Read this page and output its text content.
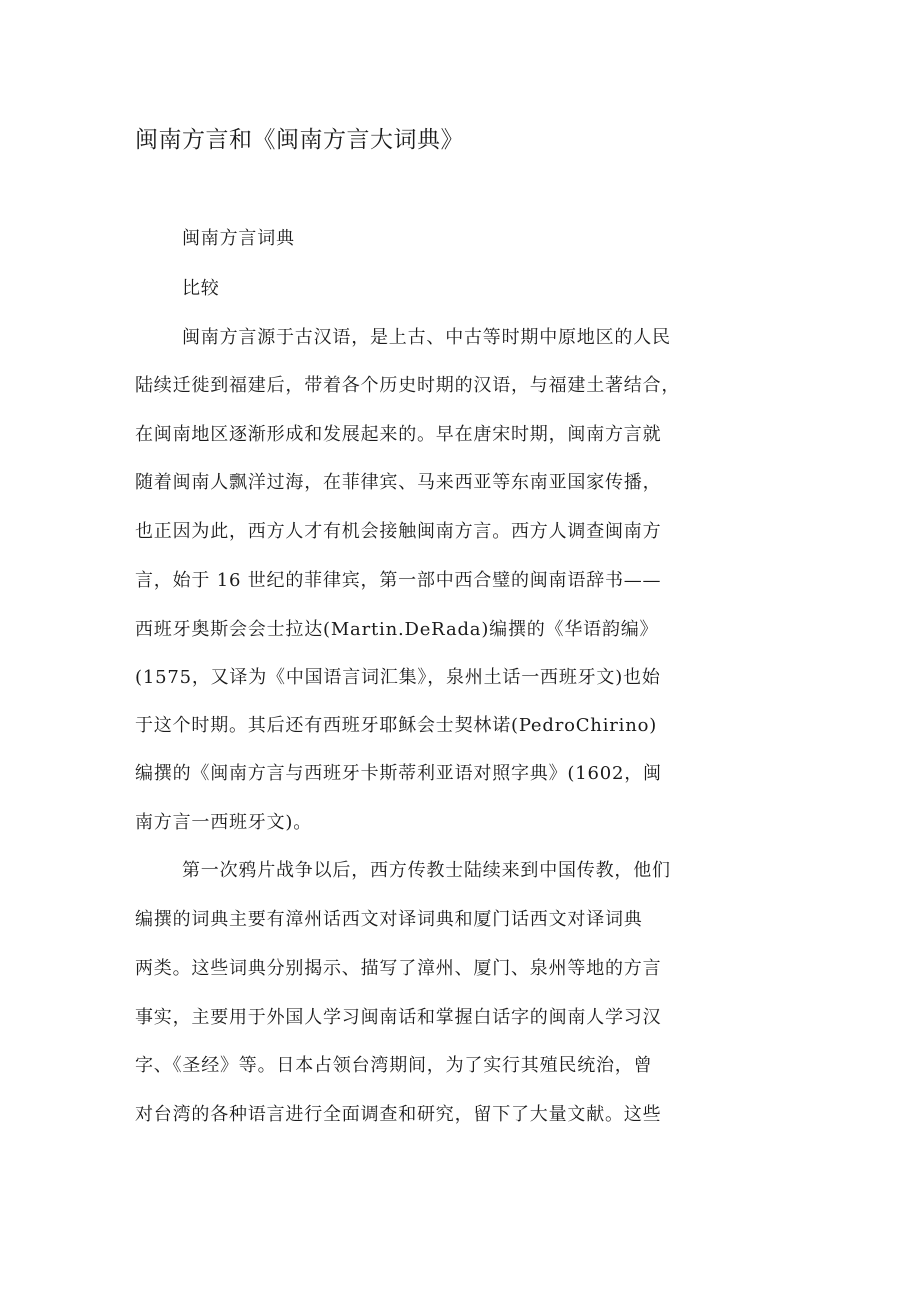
闽南方言和《闽南方言大词典》
闽南方言词典
比较
闽南方言源于古汉语，是上古、中古等时期中原地区的人民
陆续迁徙到福建后，带着各个历史时期的汉语，与福建土著结合，
在闽南地区逐渐形成和发展起来的。早在唐宋时期，闽南方言就
随着闽南人飘洋过海，在菲律宾、马来西亚等东南亚国家传播，
也正因为此，西方人才有机会接触闽南方言。西方人调查闽南方
言，始于 16 世纪的菲律宾，第一部中西合璧的闽南语辞书——
西班牙奥斯会会士拉达(Martin.DeRada)编撰的《华语韵编》
(1575，又译为《中国语言词汇集》，泉州土话一西班牙文)也始
于这个时期。其后还有西班牙耶稣会士契林诺(PedroChirino)
编撰的《闽南方言与西班牙卡斯蒂利亚语对照字典》(1602，闽
南方言一西班牙文)。
第一次鸦片战争以后，西方传教士陆续来到中国传教，他们
编撰的词典主要有漳州话西文对译词典和厦门话西文对译词典
两类。这些词典分别揭示、描写了漳州、厦门、泉州等地的方言
事实，主要用于外国人学习闽南话和掌握白话字的闽南人学习汉
字、《圣经》等。日本占领台湾期间，为了实行其殖民统治，曾
对台湾的各种语言进行全面调查和研究，留下了大量文献。这些
